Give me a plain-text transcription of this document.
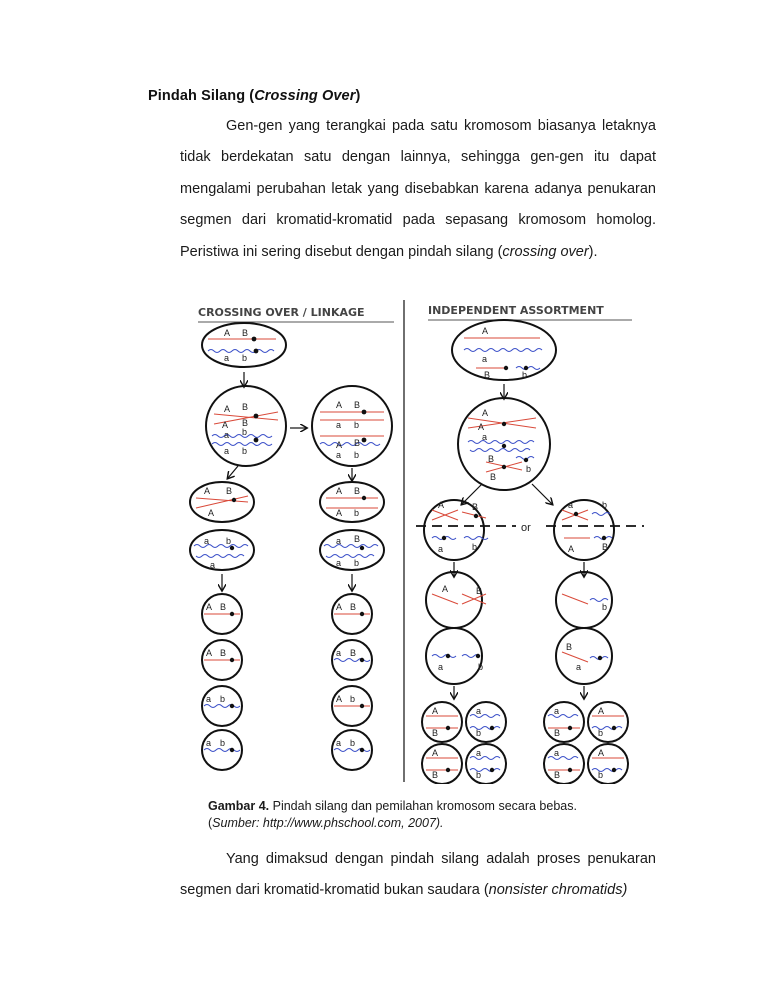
Pindah Silang (Crossing Over)
Gen-gen yang terangkai pada satu kromosom biasanya letaknya tidak berdekatan satu dengan lainnya, sehingga gen-gen itu dapat mengalami perubahan letak yang disebabkan karena adanya penukaran segmen dari kromatid-kromatid pada sepasang kromosom homolog. Peristiwa ini sering disebut dengan pindah silang (crossing over).
CROSSING OVER / LINKAGE	INDEPENDENT ASSORTMENT
A B
a b
A B
A B
a b
a b
A B
a b
A B
a b
A B
A
a b
a
A B
A b
a B
a b
A B
A B
a b
a b
A B
a B
A b
a b
A
a
B	b
A
A
a
B
B
b
A	B
a	b
or
a	b
A	B
A	B
b
a	b
B
a
A
B
a
b
A
B
a
b
a
B
A
b
a
B
A
b
Gambar 4. Pindah silang dan pemilahan kromosom secara bebas. (Sumber: http://www.phschool.com, 2007).
Yang dimaksud dengan pindah silang adalah proses penukaran segmen dari kromatid-kromatid bukan saudara (nonsister chromatids)
